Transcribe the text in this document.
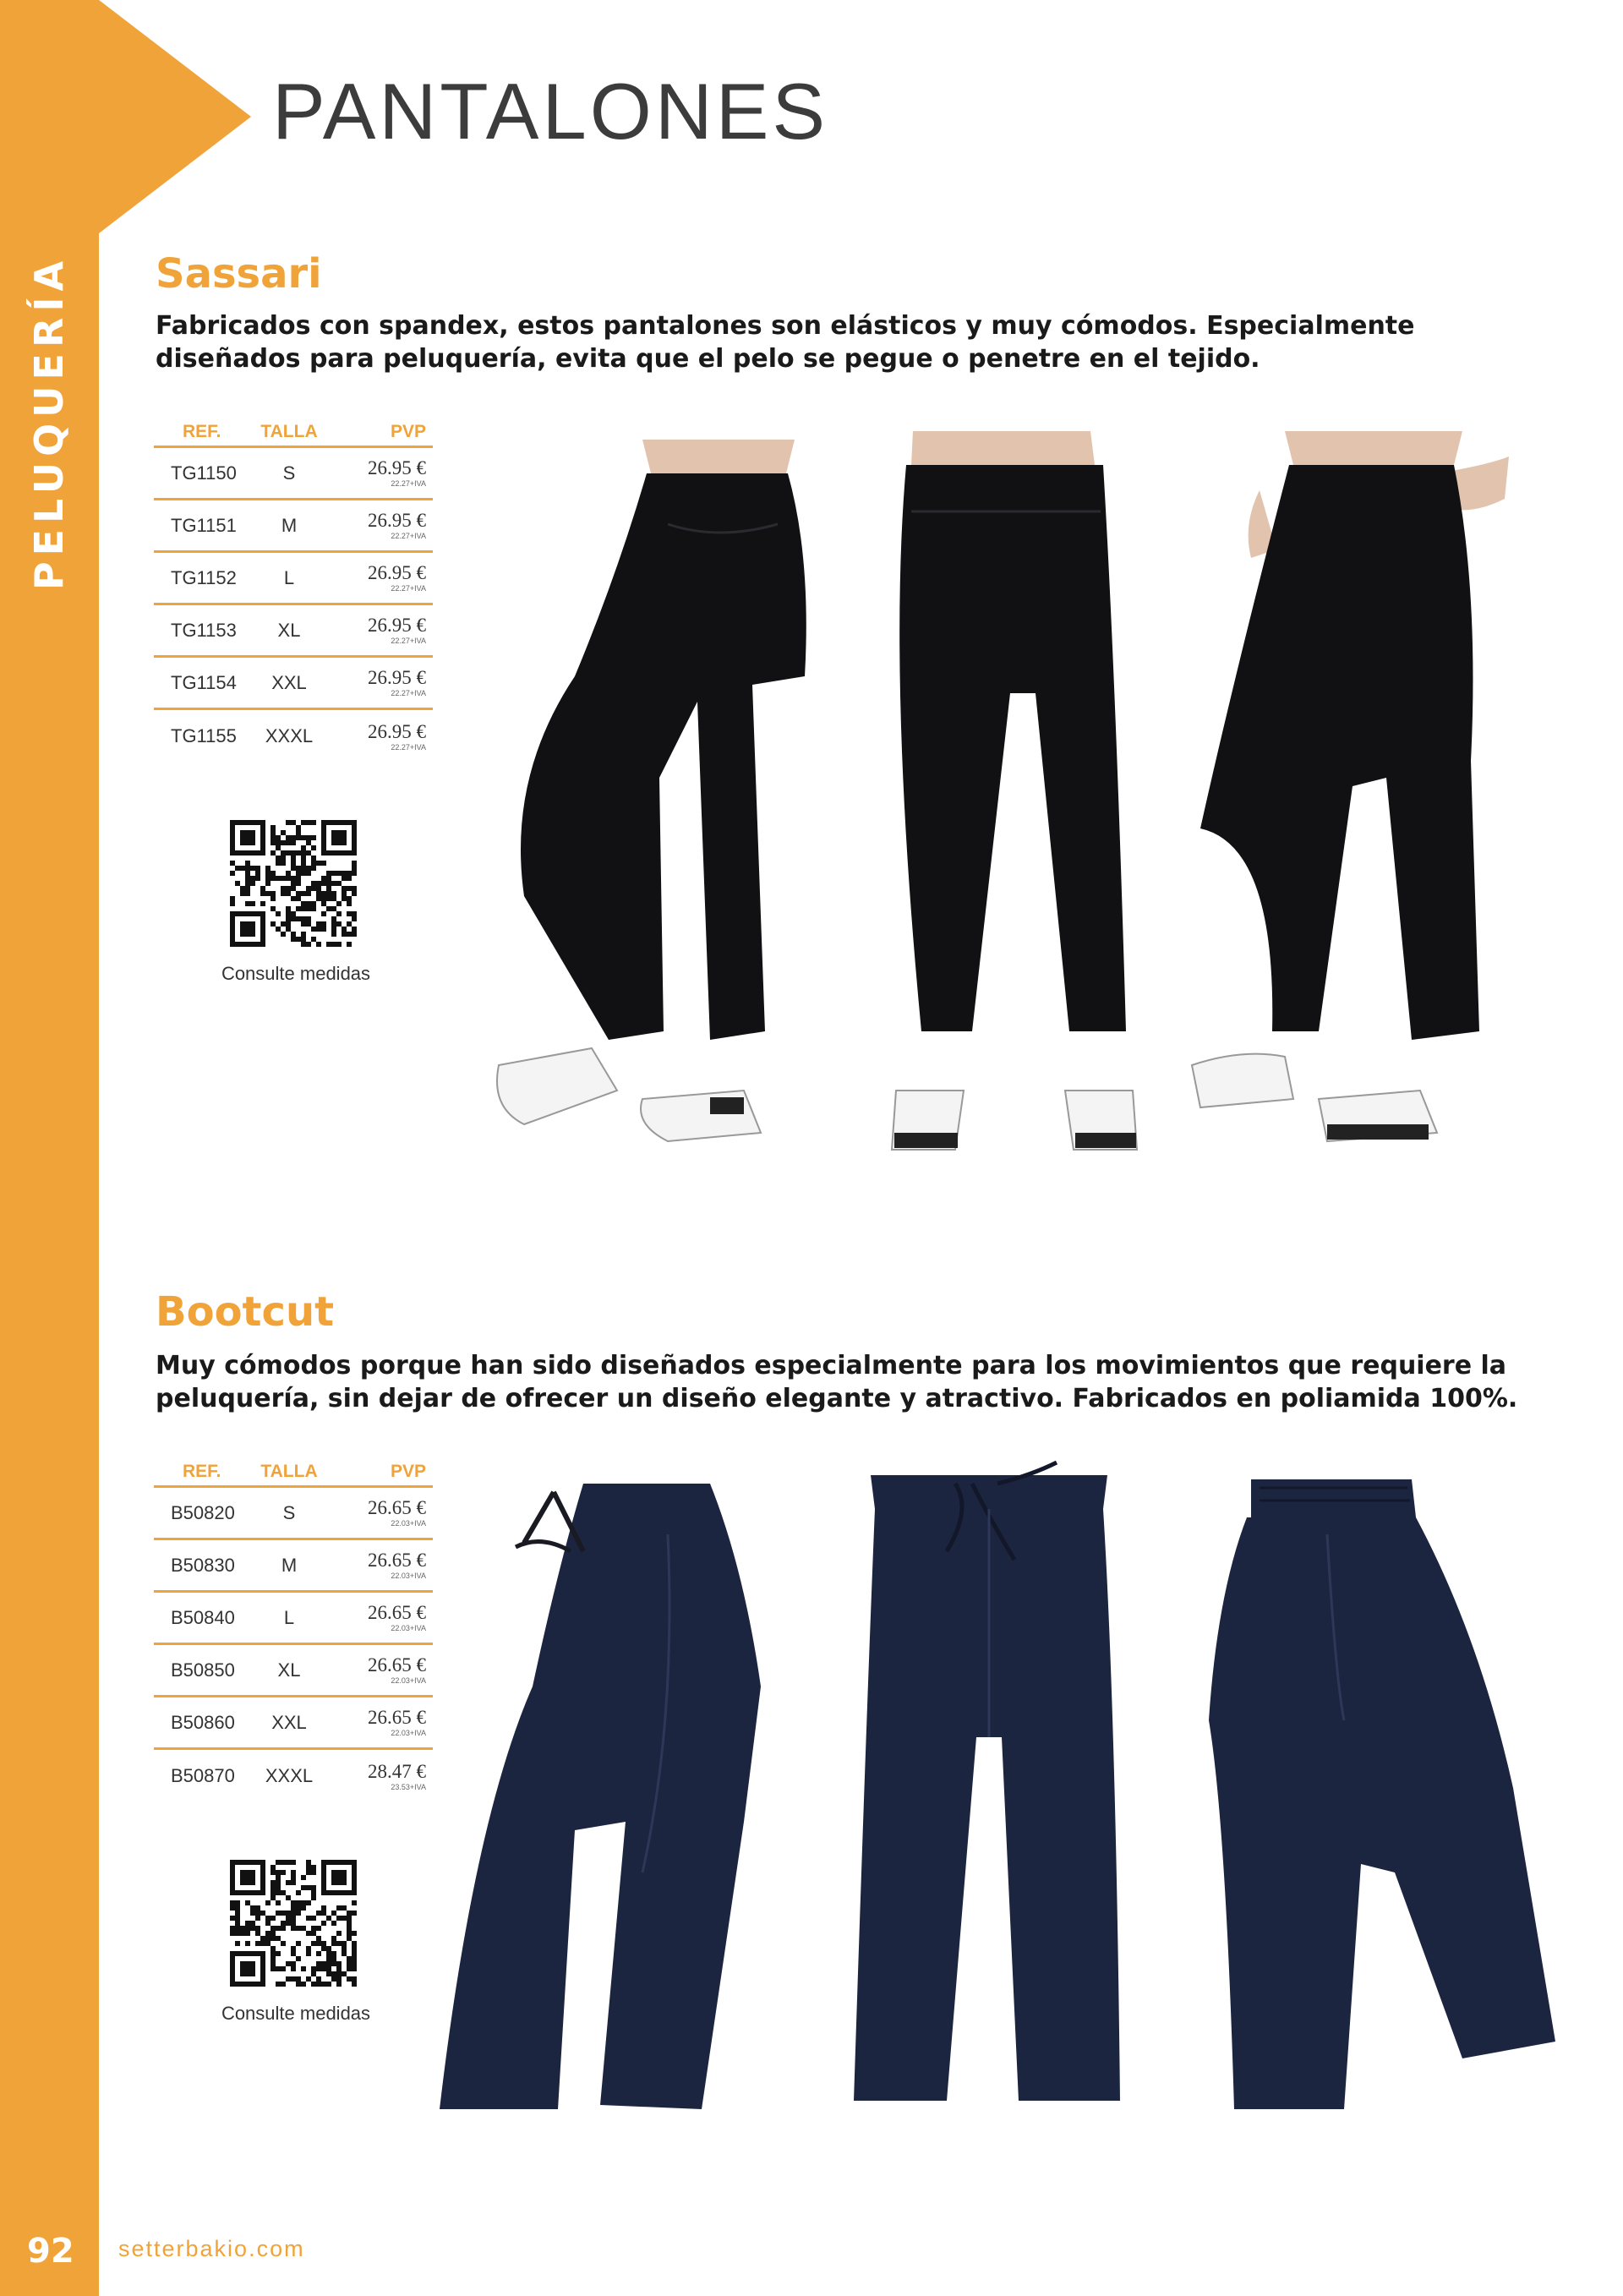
PELUQUERÍA
92 setterbakio.com
PANTALONES
Sassari
Fabricados con spandex, estos pantalones son elásticos y muy cómodos. Especialmente diseñados para peluquería, evita que el pelo se pegue o penetre en el tejido.
REF.	TALLA	PVP
TG1150	S	26.95 €
22.27+IVA
TG1151	M	26.95 €
22.27+IVA
TG1152	L	26.95 €
22.27+IVA
TG1153	XL	26.95 €
22.27+IVA
TG1154	XXL	26.95 €
22.27+IVA
TG1155	XXXL	26.95 €
22.27+IVA
Consulte medidas
Bootcut
Muy cómodos porque han sido diseñados especialmente para los movimientos que requiere la peluquería, sin dejar de ofrecer un diseño elegante y atractivo. Fabricados en poliamida 100%.
REF.	TALLA	PVP
B50820	S	26.65 €
22.03+IVA
B50830	M	26.65 €
22.03+IVA
B50840	L	26.65 €
22.03+IVA
B50850	XL	26.65 €
22.03+IVA
B50860	XXL	26.65 €
22.03+IVA
B50870	XXXL	28.47 €
23.53+IVA
Consulte medidas
